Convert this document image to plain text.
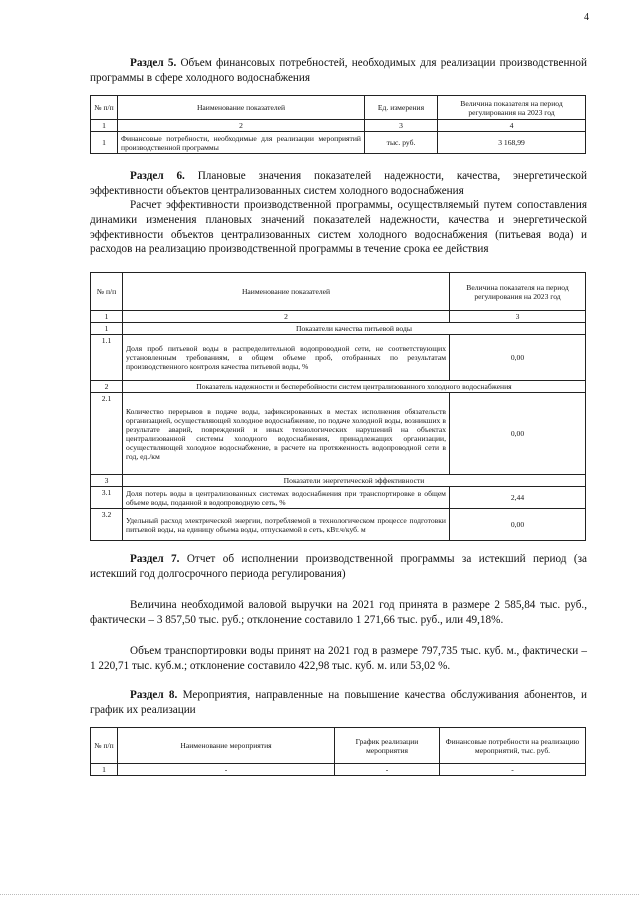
4
Раздел 5. Объем финансовых потребностей, необходимых для реализации производственной программы в сфере холодного водоснабжения
№ п/п	Наименование показателей	Ед. измерения	Величина показателя на период регулирования на 2023 год
1	2	3	4
1	Финансовые потребности, необходимые для реализации мероприятий производственной программы	тыс. руб.	3 168,99
Раздел 6. Плановые значения показателей надежности, качества, энергетической эффективности объектов централизованных систем холодного водоснабжения
Расчет эффективности производственной программы, осуществляемый путем сопоставления динамики изменения плановых значений показателей надежности, качества и энергетической эффективности объектов централизованных систем холодного водоснабжения (питьевая вода) и расходов на реализацию производственной программы в течение срока ее действия
№ п/п	Наименование показателей	Величина показателя на период регулирования на 2023 год
1	2	3
1	Показатели качества питьевой воды	
1.1	Доля проб питьевой воды в распределительной водопроводной сети, не соответствующих установленным требованиям, в общем объеме проб, отобранных по результатам производственного контроля качества питьевой воды, %	0,00
2	Показатель надежности и бесперебойности систем централизованного холодного водоснабжения	
2.1	Количество перерывов в подаче воды, зафиксированных в местах исполнения обязательств организацией, осуществляющей холодное водоснабжение, по подаче холодной воды, возникших в результате аварий, повреждений и иных технологических нарушений на объектах централизованной системы холодного водоснабжения, принадлежащих организации, осуществляющей холодное водоснабжение, в расчете на протяженность водопроводной сети в год, ед./км	0,00
3	Показатели энергетической эффективности	
3.1	Доля потерь воды в централизованных системах водоснабжения при транспортировке в общем объеме воды, поданной в водопроводную сеть, %	2,44
3.2	Удельный расход электрической энергии, потребляемой в технологическом процессе подготовки питьевой воды, на единицу объема воды, отпускаемой в сеть, кВт.ч/куб. м	0,00
Раздел 7. Отчет об исполнении производственной программы за истекший период (за истекший год долгосрочного периода регулирования)
Величина необходимой валовой выручки на 2021 год принята в размере 2 585,84 тыс. руб., фактически – 3 857,50 тыс. руб.; отклонение составило 1 271,66 тыс. руб., или 49,18%.
Объем транспортировки воды принят на 2021 год в размере 797,735 тыс. куб. м., фактически – 1 220,71 тыс. куб.м.; отклонение составило 422,98 тыс. куб. м. или 53,02 %.
Раздел 8. Мероприятия, направленные на повышение качества обслуживания абонентов, и график их реализации
№ п/п	Наименование мероприятия	График реализации мероприятия	Финансовые потребности на реализацию мероприятий, тыс. руб.
1	-	-	-
